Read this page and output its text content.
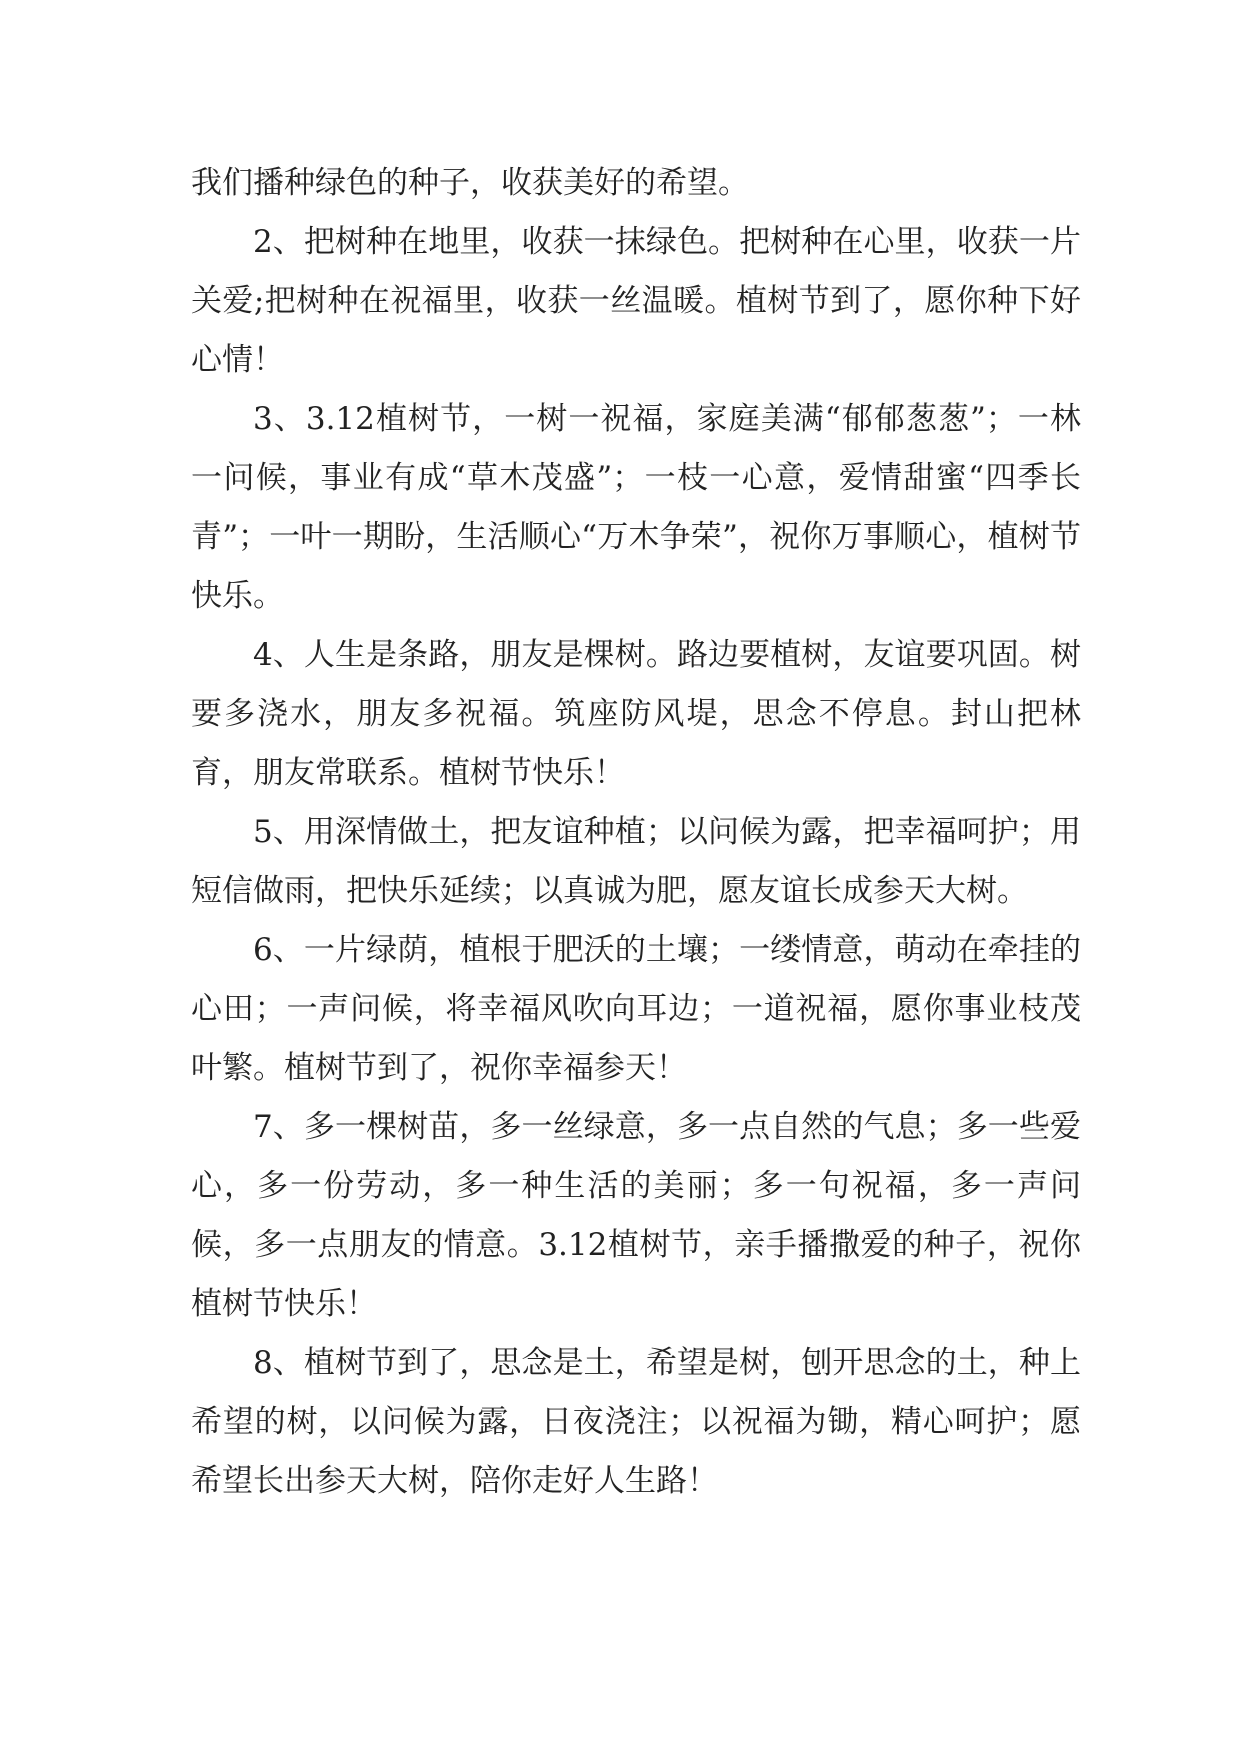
我们播种绿色的种子，收获美好的希望。

2、把树种在地里，收获一抹绿色。把树种在心里，收获一片关爱;把树种在祝福里，收获一丝温暖。植树节到了，愿你种下好心情！

3、3.12植树节，一树一祝福，家庭美满“郁郁葱葱”；一林一问候，事业有成“草木茂盛”；一枝一心意，爱情甜蜜“四季长青”；一叶一期盼，生活顺心“万木争荣”，祝你万事顺心，植树节快乐。

4、人生是条路，朋友是棵树。路边要植树，友谊要巩固。树要多浇水，朋友多祝福。筑座防风堤，思念不停息。封山把林育，朋友常联系。植树节快乐！

5、用深情做土，把友谊种植；以问候为露，把幸福呵护；用短信做雨，把快乐延续；以真诚为肥，愿友谊长成参天大树。

6、一片绿荫，植根于肥沃的土壤；一缕情意，萌动在牵挂的心田；一声问候，将幸福风吹向耳边；一道祝福，愿你事业枝茂叶繁。植树节到了，祝你幸福参天！

7、多一棵树苗，多一丝绿意，多一点自然的气息；多一些爱心，多一份劳动，多一种生活的美丽；多一句祝福，多一声问候，多一点朋友的情意。3.12植树节，亲手播撒爱的种子，祝你植树节快乐！

8、植树节到了，思念是土，希望是树，刨开思念的土，种上希望的树，以问候为露，日夜浇注；以祝福为锄，精心呵护；愿希望长出参天大树，陪你走好人生路！
